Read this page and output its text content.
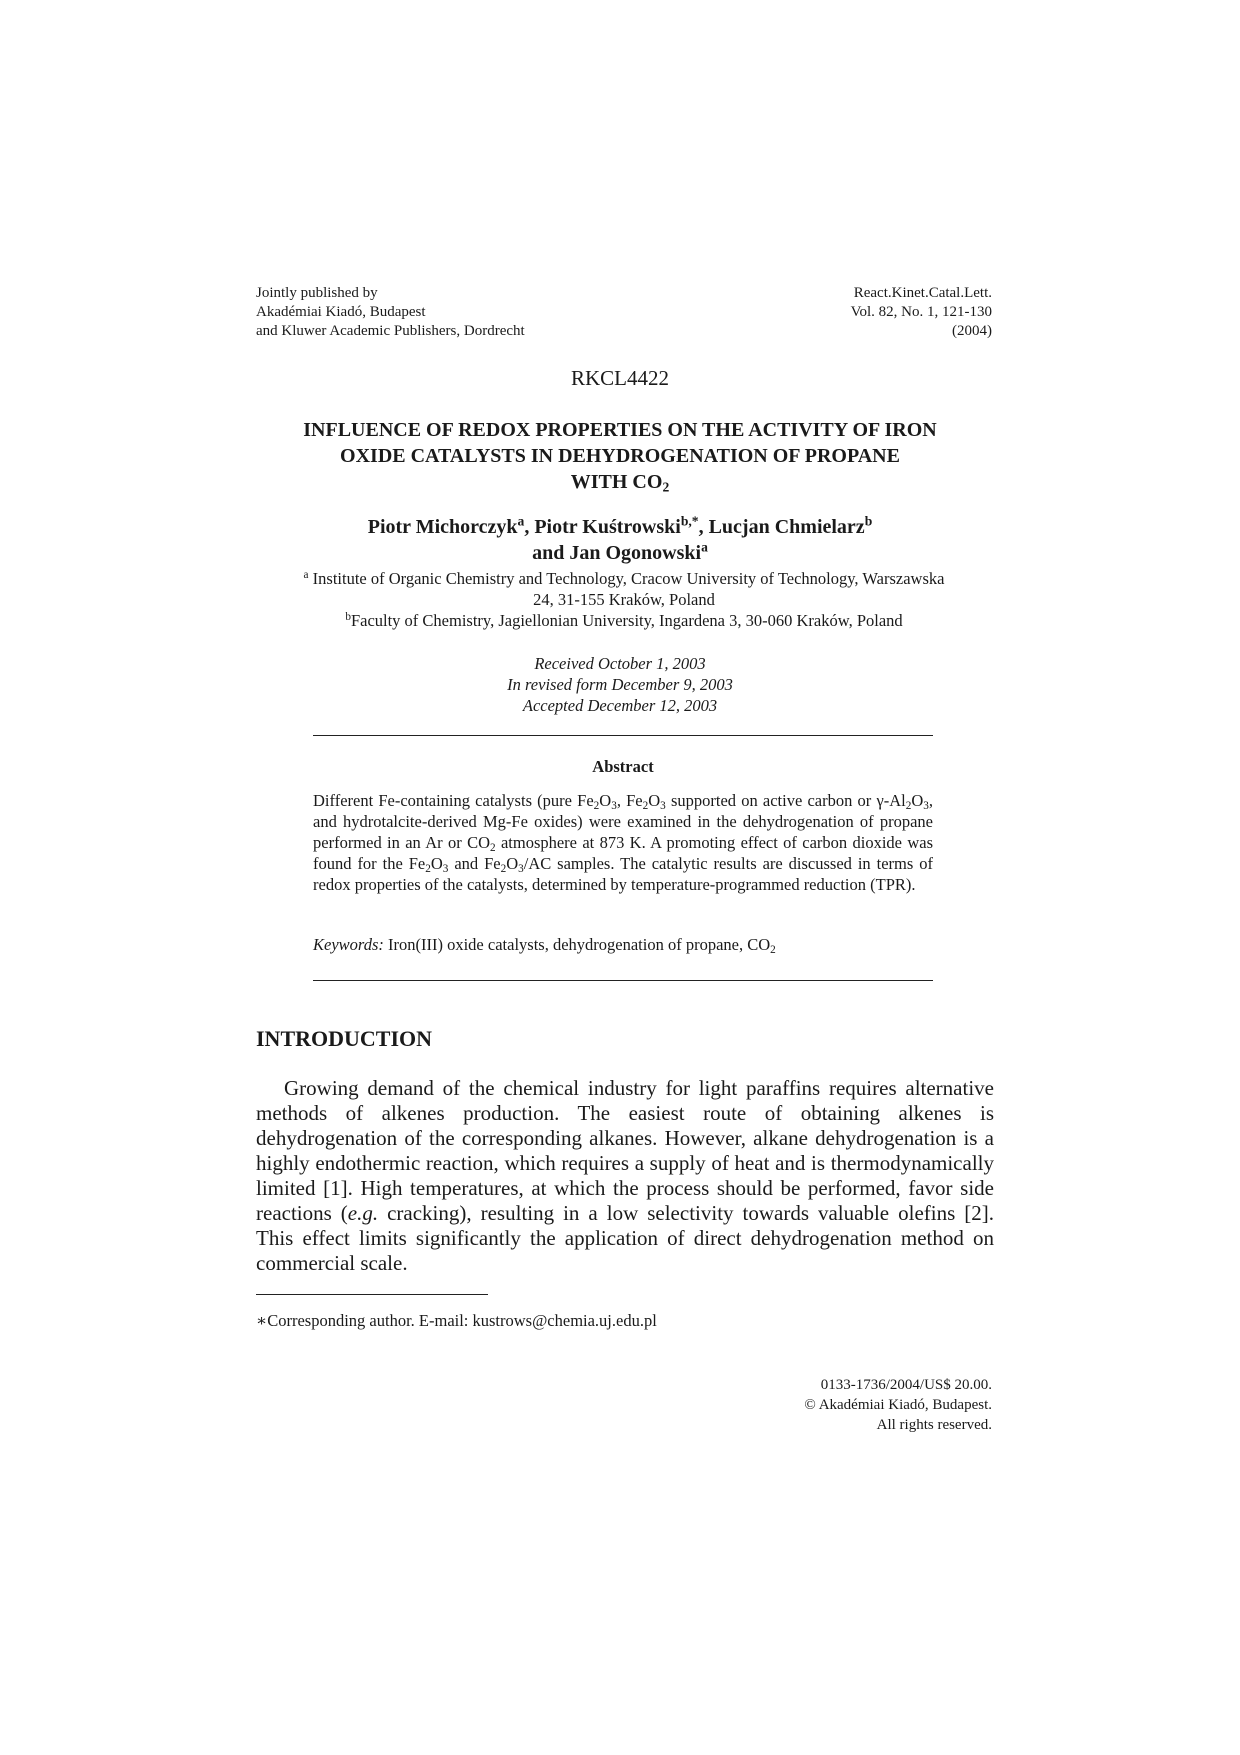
Jointly published by
Akadémiai Kiadó, Budapest
and Kluwer Academic Publishers, Dordrecht
React.Kinet.Catal.Lett.
Vol. 82, No. 1, 121-130
(2004)
RKCL4422
INFLUENCE OF REDOX PROPERTIES ON THE ACTIVITY OF IRON
OXIDE CATALYSTS IN DEHYDROGENATION OF PROPANE
WITH $CO_2$
Piotr Michorczyk$^a$, Piotr Kuśtrowski$^{b,*}$, Lucjan Chmielarz$^b$
and Jan Ogonowski$^a$
$^a$ Institute of Organic Chemistry and Technology, Cracow University of Technology, Warszawska
24, 31-155 Kraków, Poland
$^b$Faculty of Chemistry, Jagiellonian University, Ingardena 3, 30-060 Kraków, Poland
Received October 1, 2003
In revised form December 9, 2003
Accepted December 12, 2003
Abstract
Different Fe-containing catalysts (pure $Fe_2O_3$, $Fe_2O_3$ supported on active carbon or $\gamma-Al_2O_3$, and hydrotalcite-derived Mg-Fe oxides) were examined in the dehydrogenation of propane performed in an Ar or $CO_2$ atmosphere at 873 K. A promoting effect of carbon dioxide was found for the $Fe_2O_3$ and $Fe_2O_3/AC$ samples. The catalytic results are discussed in terms of redox properties of the catalysts, determined by temperature-programmed reduction (TPR).
Keywords: Iron(III) oxide catalysts, dehydrogenation of propane, $CO_2$
INTRODUCTION
Growing demand of the chemical industry for light paraffins requires alternative methods of alkenes production. The easiest route of obtaining alkenes is dehydrogenation of the corresponding alkanes. However, alkane dehydrogenation is a highly endothermic reaction, which requires a supply of heat and is thermodynamically limited [1]. High temperatures, at which the process should be performed, favor side reactions (e.g. cracking), resulting in a low selectivity towards valuable olefins [2]. This effect limits significantly the application of direct dehydrogenation method on commercial scale.
∗Corresponding author. E-mail: kustrows@chemia.uj.edu.pl
0133-1736/2004/US$ 20.00.
© Akadémiai Kiadó, Budapest.
All rights reserved.
